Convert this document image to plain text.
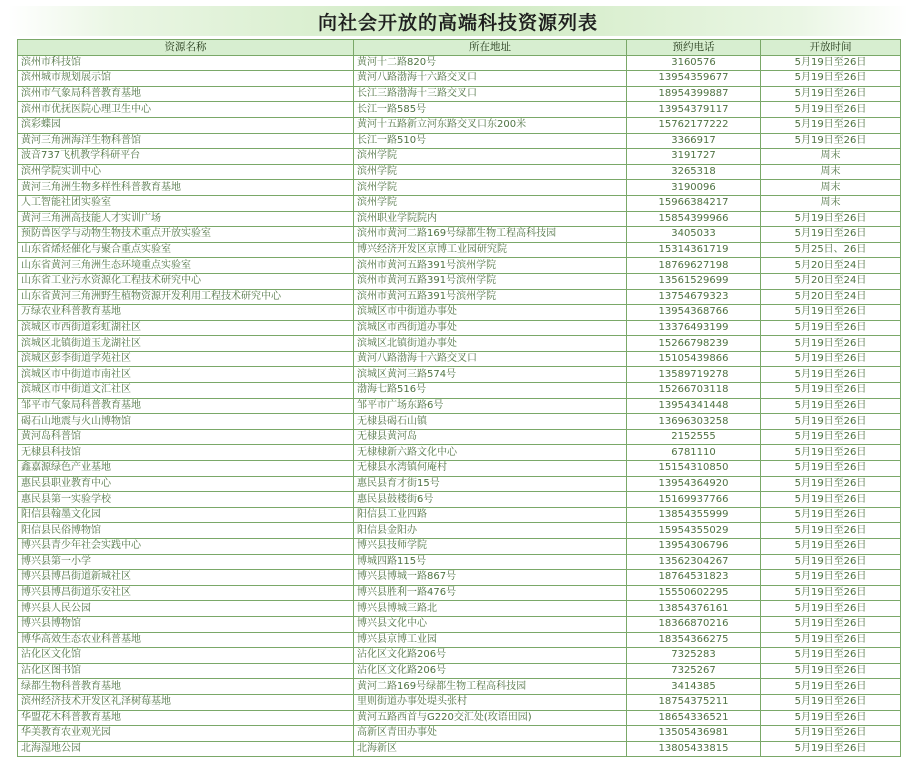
向社会开放的高端科技资源列表
资源名称	所在地址	预约电话	开放时间
滨州市科技馆	黄河十二路820号	3160576	5月19日至26日
滨州城市规划展示馆	黄河八路渤海十六路交叉口	13954359677	5月19日至26日
滨州市气象局科普教育基地	长江三路渤海十三路交叉口	18954399887	5月19日至26日
滨州市优抚医院心理卫生中心	长江一路585号	13954379117	5月19日至26日
滨彩蝶园	黄河十五路新立河东路交叉口东200米	15762177222	5月19日至26日
黄河三角洲海洋生物科普馆	长江一路510号	3366917	5月19日至26日
波音737飞机教学科研平台	滨州学院	3191727	周末
滨州学院实训中心	滨州学院	3265318	周末
黄河三角洲生物多样性科普教育基地	滨州学院	3190096	周末
人工智能社团实验室	滨州学院	15966384217	周末
黄河三角洲高技能人才实训广场	滨州职业学院院内	15854399966	5月19日至26日
预防兽医学与动物生物技术重点开放实验室	滨州市黄河二路169号绿都生物工程高科技园	3405033	5月19日至26日
山东省烯烃催化与聚合重点实验室	博兴经济开发区京博工业园研究院	15314361719	5月25日、26日
山东省黄河三角洲生态环境重点实验室	滨州市黄河五路391号滨州学院	18769627198	5月20日至24日
山东省工业污水资源化工程技术研究中心	滨州市黄河五路391号滨州学院	13561529699	5月20日至24日
山东省黄河三角洲野生植物资源开发利用工程技术研究中心	滨州市黄河五路391号滨州学院	13754679323	5月20日至24日
万绿农业科普教育基地	滨城区市中街道办事处	13954368766	5月19日至26日
滨城区市西街道彩虹湖社区	滨城区市西街道办事处	13376493199	5月19日至26日
滨城区北镇街道玉龙湖社区	滨城区北镇街道办事处	15266798239	5月19日至26日
滨城区彭李街道学苑社区	黄河八路渤海十六路交叉口	15105439866	5月19日至26日
滨城区市中街道市南社区	滨城区黄河三路574号	13589719278	5月19日至26日
滨城区市中街道文汇社区	渤海七路516号	15266703118	5月19日至26日
邹平市气象局科普教育基地	邹平市广场东路6号	13954341448	5月19日至26日
碣石山地震与火山博物馆	无棣县碣石山镇	13696303258	5月19日至26日
黄河岛科普馆	无棣县黄河岛	2152555	5月19日至26日
无棣县科技馆	无棣棣新六路文化中心	6781110	5月19日至26日
鑫嘉源绿色产业基地	无棣县水湾镇何庵村	15154310850	5月19日至26日
惠民县职业教育中心	惠民县育才街15号	13954364920	5月19日至26日
惠民县第一实验学校	惠民县鼓楼街6号	15169937766	5月19日至26日
阳信县翰墨文化园	阳信县工业四路	13854355999	5月19日至26日
阳信县民俗博物馆	阳信县金阳办	15954355029	5月19日至26日
博兴县青少年社会实践中心	博兴县技师学院	13954306796	5月19日至26日
博兴县第一小学	博城四路115号	13562304267	5月19日至26日
博兴县博昌街道新城社区	博兴县博城一路867号	18764531823	5月19日至26日
博兴县博昌街道乐安社区	博兴县胜利一路476号	15550602295	5月19日至26日
博兴县人民公园	博兴县博城三路北	13854376161	5月19日至26日
博兴县博物馆	博兴县文化中心	18366870216	5月19日至26日
博华高效生态农业科普基地	博兴县京博工业园	18354366275	5月19日至26日
沾化区文化馆	沾化区文化路206号	7325283	5月19日至26日
沾化区图书馆	沾化区文化路206号	7325267	5月19日至26日
绿都生物科普教育基地	黄河二路169号绿都生物工程高科技园	3414385	5月19日至26日
滨州经济技术开发区礼泽树莓基地	里则街道办事处堤头张村	18754375211	5月19日至26日
华盟花木科普教育基地	黄河五路西首与G220交汇处(玫语田园)	18654336521	5月19日至26日
华美教育农业观光园	高新区青田办事处	13505436981	5月19日至26日
北海湿地公园	北海新区	13805433815	5月19日至26日
